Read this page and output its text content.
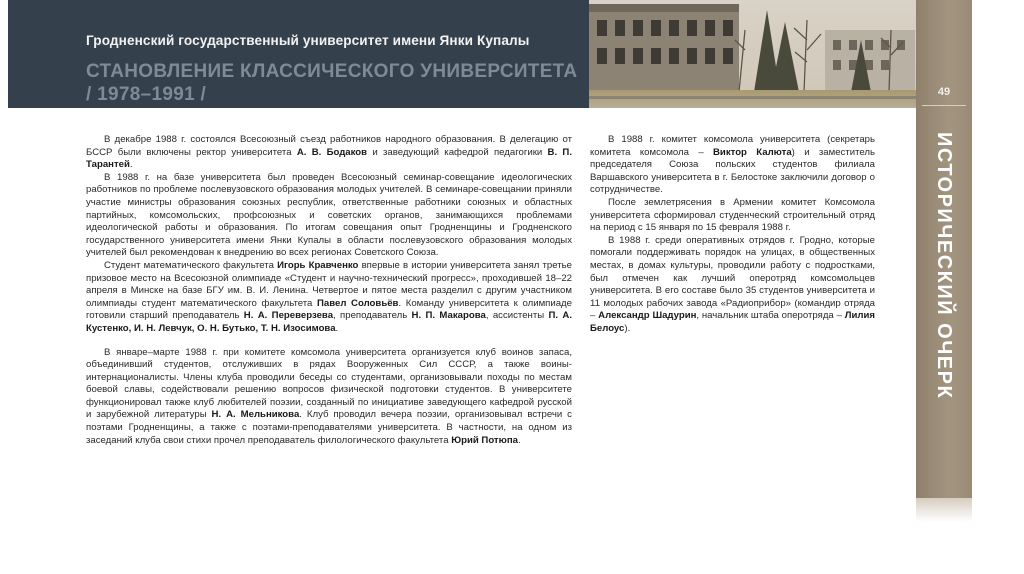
Гродненский государственный университет имени Янки Купалы
СТАНОВЛЕНИЕ КЛАССИЧЕСКОГО УНИВЕРСИТЕТА / 1978–1991 /	49
ИСТОРИЧЕСКИЙ ОЧЕРК

В декабре 1988 г. состоялся Всесоюзный съезд работников народного образования. В делегацию от БССР были включены ректор университета А. В. Бодаков и заведующий кафедрой педагогики В. П. Тарантей.

В 1988 г. на базе университета был проведен Всесоюзный семинар-совещание идеологических работников по проблеме послевузовского образования молодых учителей. В семинаре-совещании приняли участие министры образования союзных республик, ответственные работники союзных и областных партийных, комсомольских, профсоюзных и советских органов, занимающихся проблемами идеологической работы и образования. По итогам совещания опыт Гродненщины и Гродненского государственного университета имени Янки Купалы в области послевузовского образования молодых учителей был рекомендован к внедрению во всех регионах Советского Союза.

Студент математического факультета Игорь Кравченко впервые в истории университета занял третье призовое место на Всесоюзной олимпиаде «Студент и научно-технический прогресс», проходившей 18–22 апреля в Минске на базе БГУ им. В. И. Ленина. Четвертое и пятое места разделил с другим участником олимпиады студент математического факультета Павел Соловьёв. Команду университета к олимпиаде готовили старший преподаватель Н. А. Переверзева, преподаватель Н. П. Макарова, ассистенты П. А. Кустенко, И. Н. Левчук, О. Н. Бутько, Т. Н. Изосимова.

В январе–марте 1988 г. при комитете комсомола университета организуется клуб воинов запаса, объединивший студентов, отслуживших в рядах Вооруженных Сил СССР, а также воины-интернационалисты. Члены клуба проводили беседы со студентами, организовывали походы по местам боевой славы, содействовали решению вопросов физической подготовки студентов. В университете функционировал также клуб любителей поэзии, созданный по инициативе заведующего кафедрой русской и зарубежной литературы Н. А. Мельникова. Клуб проводил вечера поэзии, организовывал встречи с поэтами Гродненщины, а также с поэтами-преподавателями университета. В частности, на одном из заседаний клуба свои стихи прочел преподаватель филологического факультета Юрий Потюпа.

В 1988 г. комитет комсомола университета (секретарь комитета комсомола – Виктор Калюта) и заместитель председателя Союза польских студентов филиала Варшавского университета в г. Белостоке заключили договор о сотрудничестве.

После землетрясения в Армении комитет Комсомола университета сформировал студенческий строительный отряд на период с 15 января по 15 февраля 1988 г.

В 1988 г. среди оперативных отрядов г. Гродно, которые помогали поддерживать порядок на улицах, в общественных местах, в домах культуры, проводили работу с подростками, был отмечен как лучший оперотряд комсомольцев университета. В его составе было 35 студентов университета и 11 молодых рабочих завода «Радиоприбор» (командир отряда – Александр Шадурин, начальник штаба оперотряда – Лилия Белоус).
